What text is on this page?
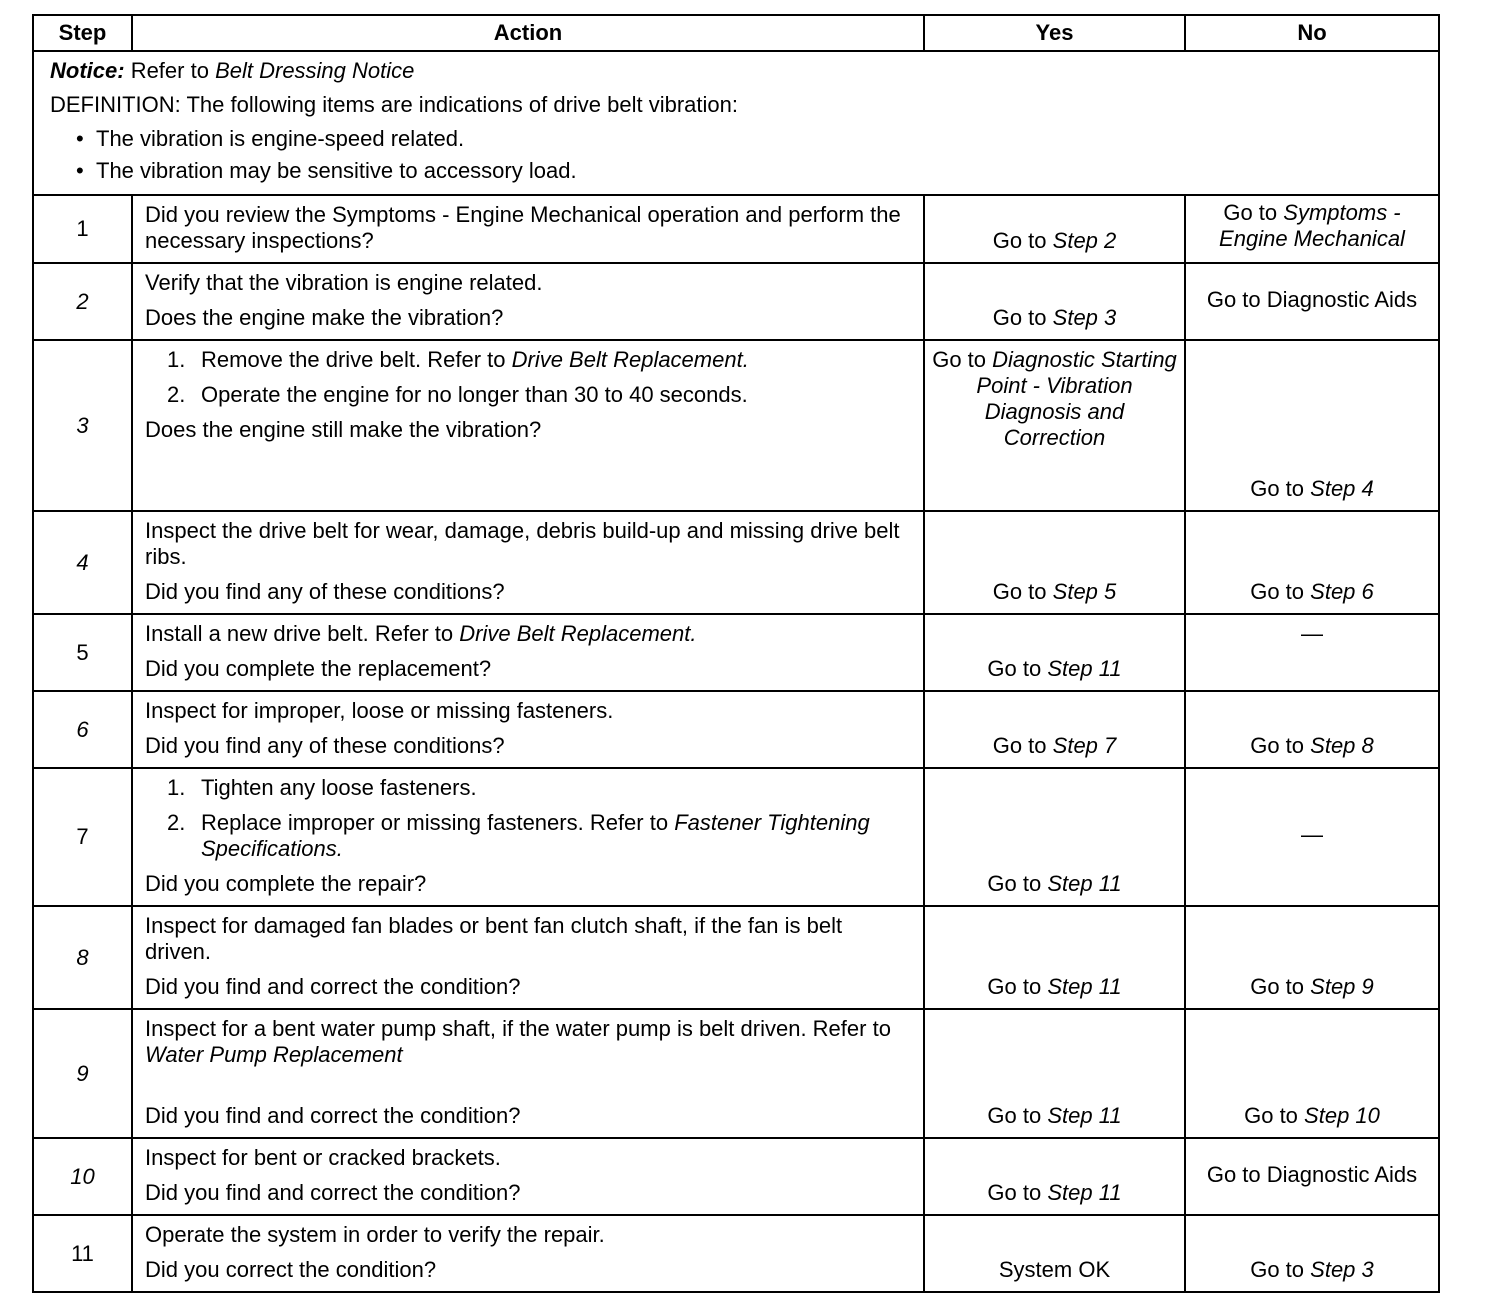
Step	Action	Yes	No

Notice: Refer to Belt Dressing Notice
DEFINITION: The following items are indications of drive belt vibration:
• The vibration is engine-speed related.
• The vibration may be sensitive to accessory load.			

1	Did you review the Symptoms - Engine Mechanical operation and perform the necessary inspections?	Go to Step 2	Go to Symptoms - Engine Mechanical
2	Verify that the vibration is engine related.
Does the engine make the vibration?	Go to Step 3	Go to Diagnostic Aids
3	1. Remove the drive belt. Refer to Drive Belt Replacement.
2. Operate the engine for no longer than 30 to 40 seconds.
Does the engine still make the vibration?	Go to Diagnostic Starting Point - Vibration Diagnosis and Correction	Go to Step 4
4	Inspect the drive belt for wear, damage, debris build-up and missing drive belt ribs.
Did you find any of these conditions?	Go to Step 5	Go to Step 6
5	Install a new drive belt. Refer to Drive Belt Replacement.
Did you complete the replacement?	Go to Step 11	—

6	Inspect for improper, loose or missing fasteners.
Did you find any of these conditions?	Go to Step 7	Go to Step 8
7	1. Tighten any loose fasteners.
2. Replace improper or missing fasteners. Refer to Fastener Tightening Specifications.
Did you complete the repair?	Go to Step 11	—

8	Inspect for damaged fan blades or bent fan clutch shaft, if the fan is belt driven.
Did you find and correct the condition?	Go to Step 11	Go to Step 9
9	Inspect for a bent water pump shaft, if the water pump is belt driven. Refer to Water Pump Replacement
Did you find and correct the condition?	Go to Step 11	Go to Step 10
10	Inspect for bent or cracked brackets.
Did you find and correct the condition?	Go to Step 11	Go to Diagnostic Aids
11	Operate the system in order to verify the repair.
Did you correct the condition?	System OK	Go to Step 3
